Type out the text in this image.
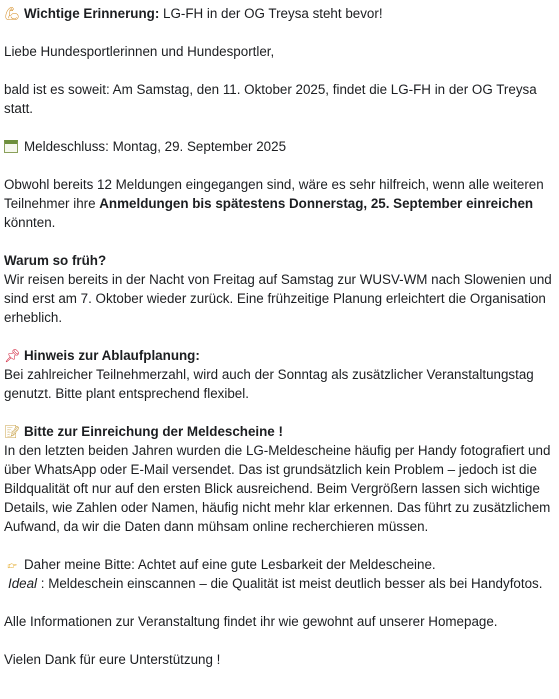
💪︎ Wichtige Erinnerung: LG-FH in der OG Treysa steht bevor!

Liebe Hundesportlerinnen und Hundesportler,

bald ist es soweit: Am Samstag, den 11. Oktober 2025, findet die LG-FH in der OG Treysa statt.

Meldeschluss: Montag, 29. September 2025

Obwohl bereits 12 Meldungen eingegangen sind, wäre es sehr hilfreich, wenn alle weiteren Teilnehmer ihre Anmeldungen bis spätestens Donnerstag, 25. September einreichen könnten.

Warum so früh?

Wir reisen bereits in der Nacht von Freitag auf Samstag zur WUSV-WM nach Slowenien und sind erst am 7. Oktober wieder zurück. Eine frühzeitige Planung erleichtert die Organisation erheblich.

📌︎ Hinweis zur Ablaufplanung:

Bei zahlreicher Teilnehmerzahl, wird auch der Sonntag als zusätzlicher Veranstaltungstag genutzt. Bitte plant entsprechend flexibel.

📝︎ Bitte zur Einreichung der Meldescheine !

In den letzten beiden Jahren wurden die LG-Meldescheine häufig per Handy fotografiert und über WhatsApp oder E-Mail versendet. Das ist grundsätzlich kein Problem – jedoch ist die Bildqualität oft nur auf den ersten Blick ausreichend. Beim Vergrößern lassen sich wichtige Details, wie Zahlen oder Namen, häufig nicht mehr klar erkennen. Das führt zu zusätzlichem Aufwand, da wir die Daten dann mühsam online recherchieren müssen.

👉︎ Daher meine Bitte: Achtet auf eine gute Lesbarkeit der Meldescheine.

Ideal : Meldeschein einscannen – die Qualität ist meist deutlich besser als bei Handyfotos.

Alle Informationen zur Veranstaltung findet ihr wie gewohnt auf unserer Homepage.

Vielen Dank für eure Unterstützung !
